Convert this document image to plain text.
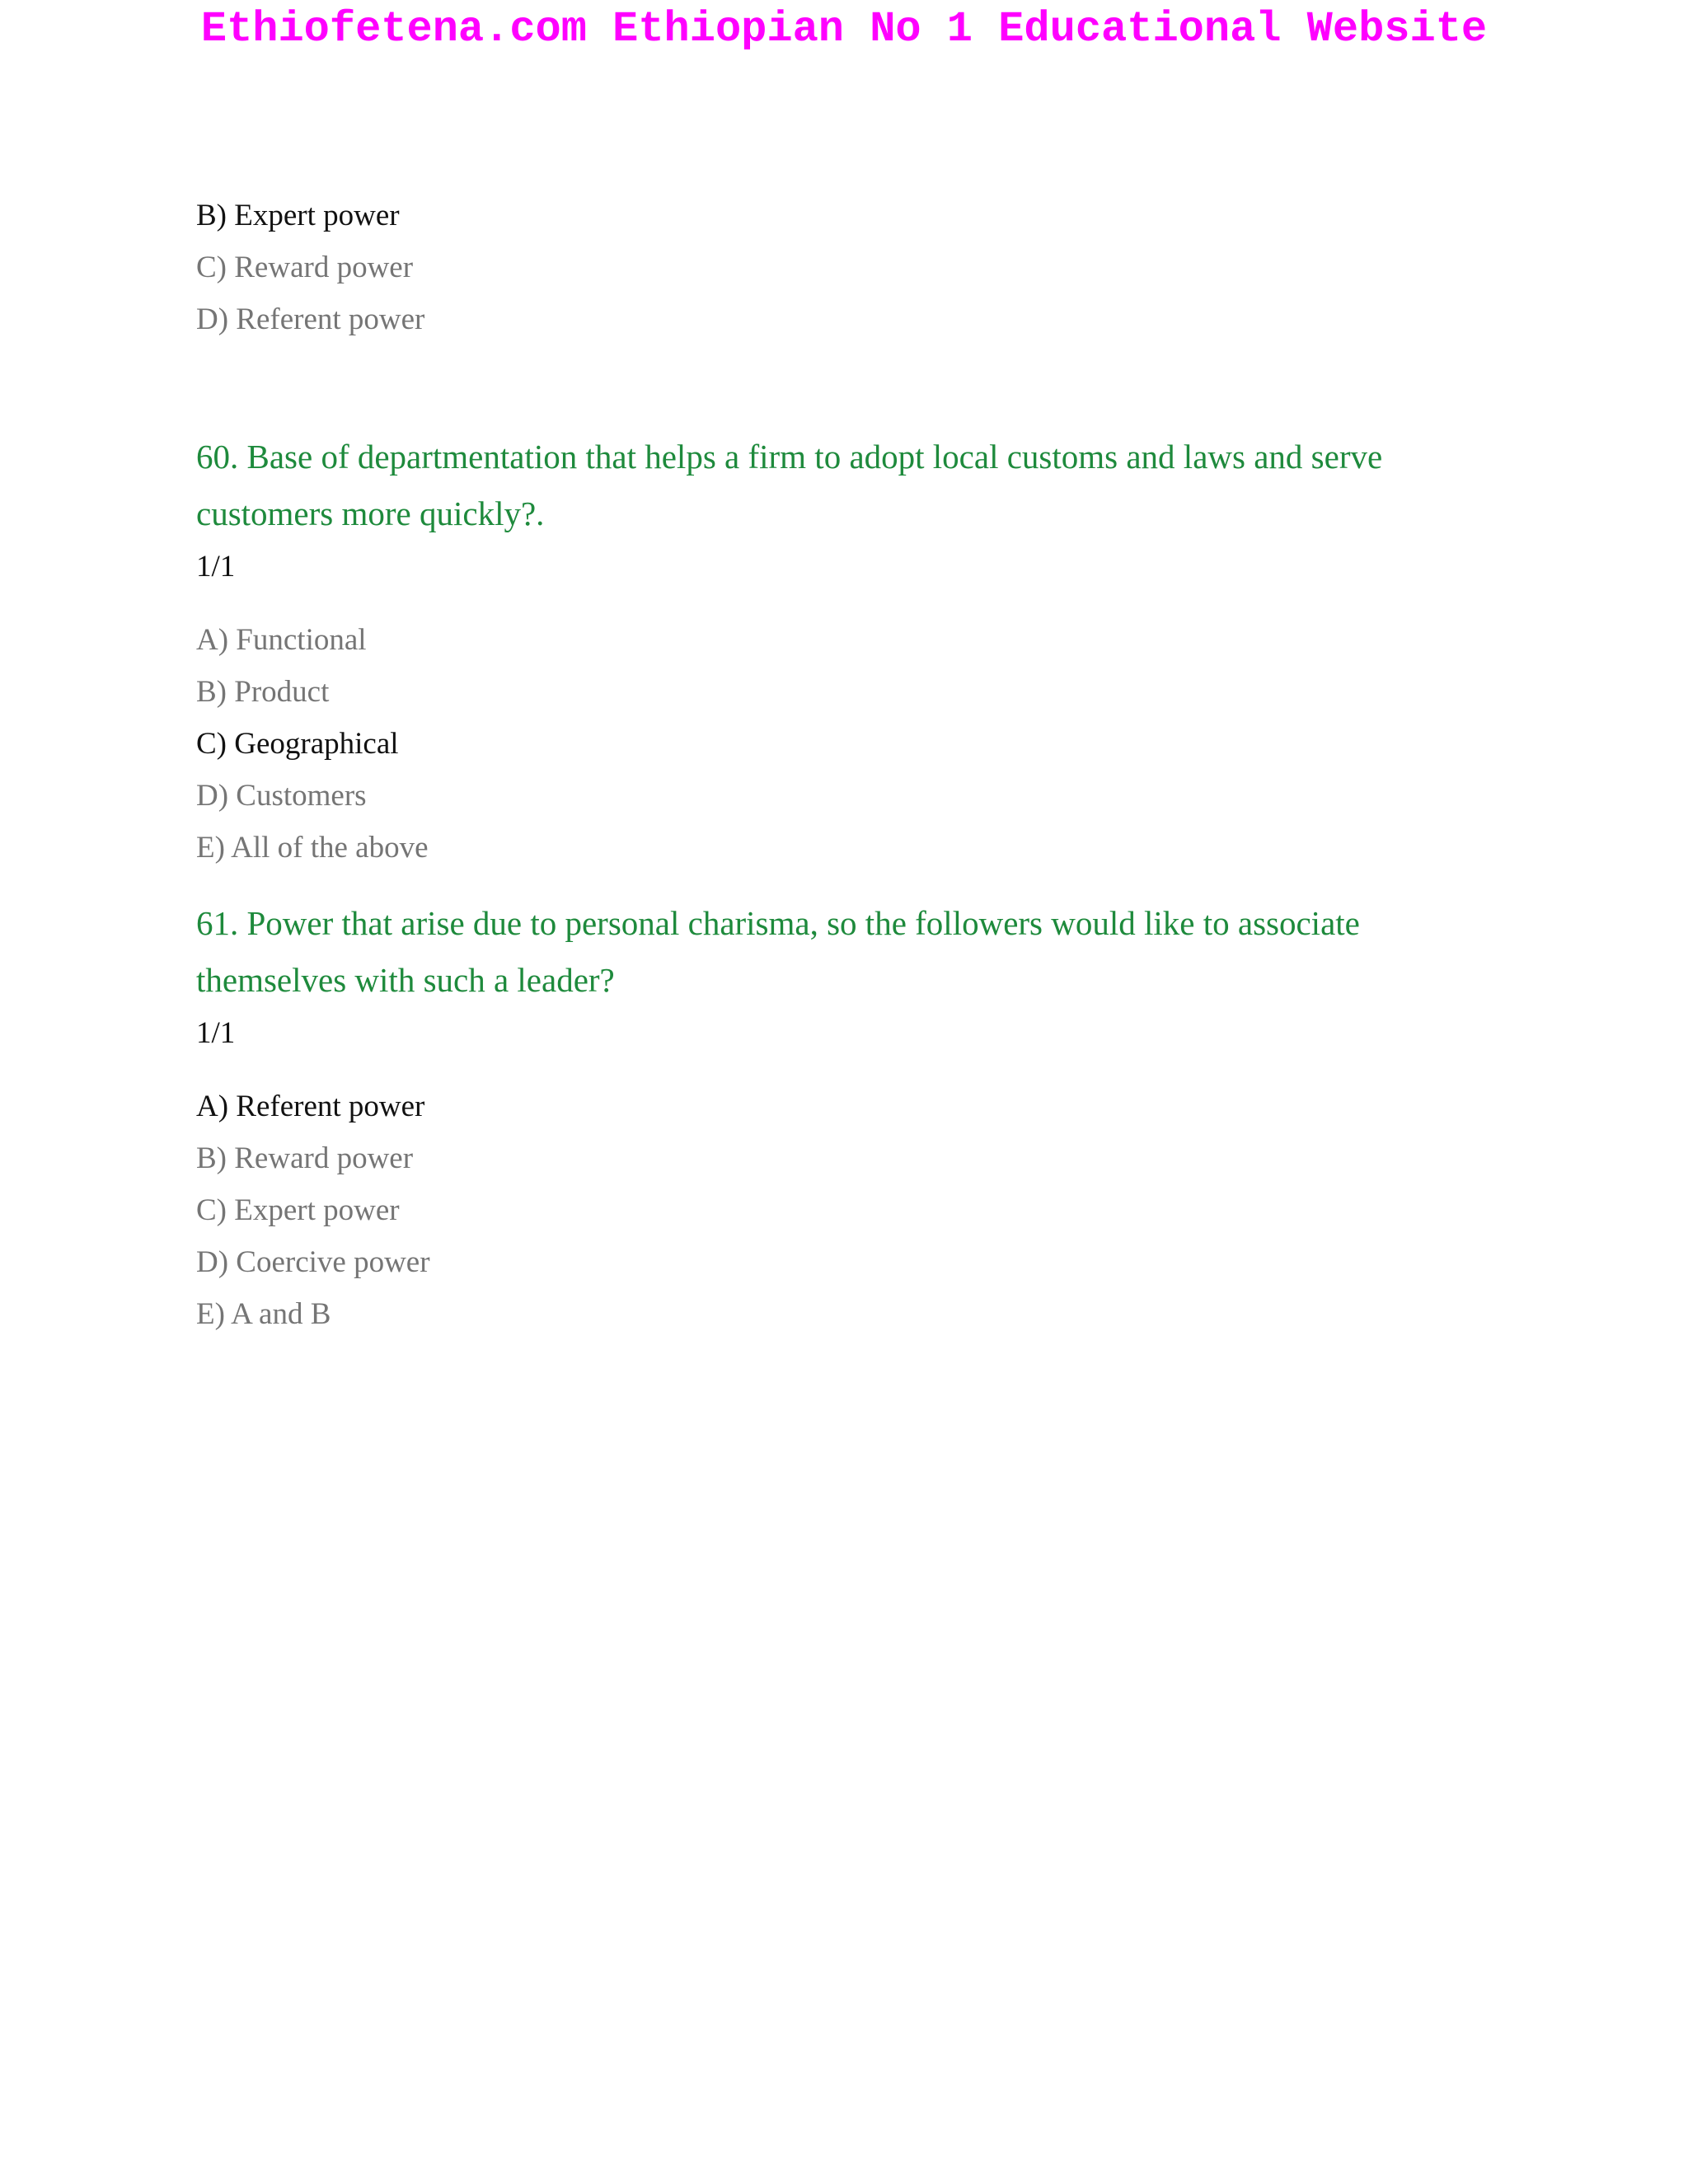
Ethiofetena.com Ethiopian No 1 Educational Website

B) Expert power

C) Reward power

D) Referent power

60. Base of departmentation that helps a firm to adopt local customs and laws and serve customers more quickly?.

1/1

A) Functional

B) Product

C) Geographical

D) Customers

E) All of the above

61. Power that arise due to personal charisma, so the followers would like to associate themselves with such a leader?

1/1

A) Referent power

B) Reward power

C) Expert power

D) Coercive power

E) A and B
